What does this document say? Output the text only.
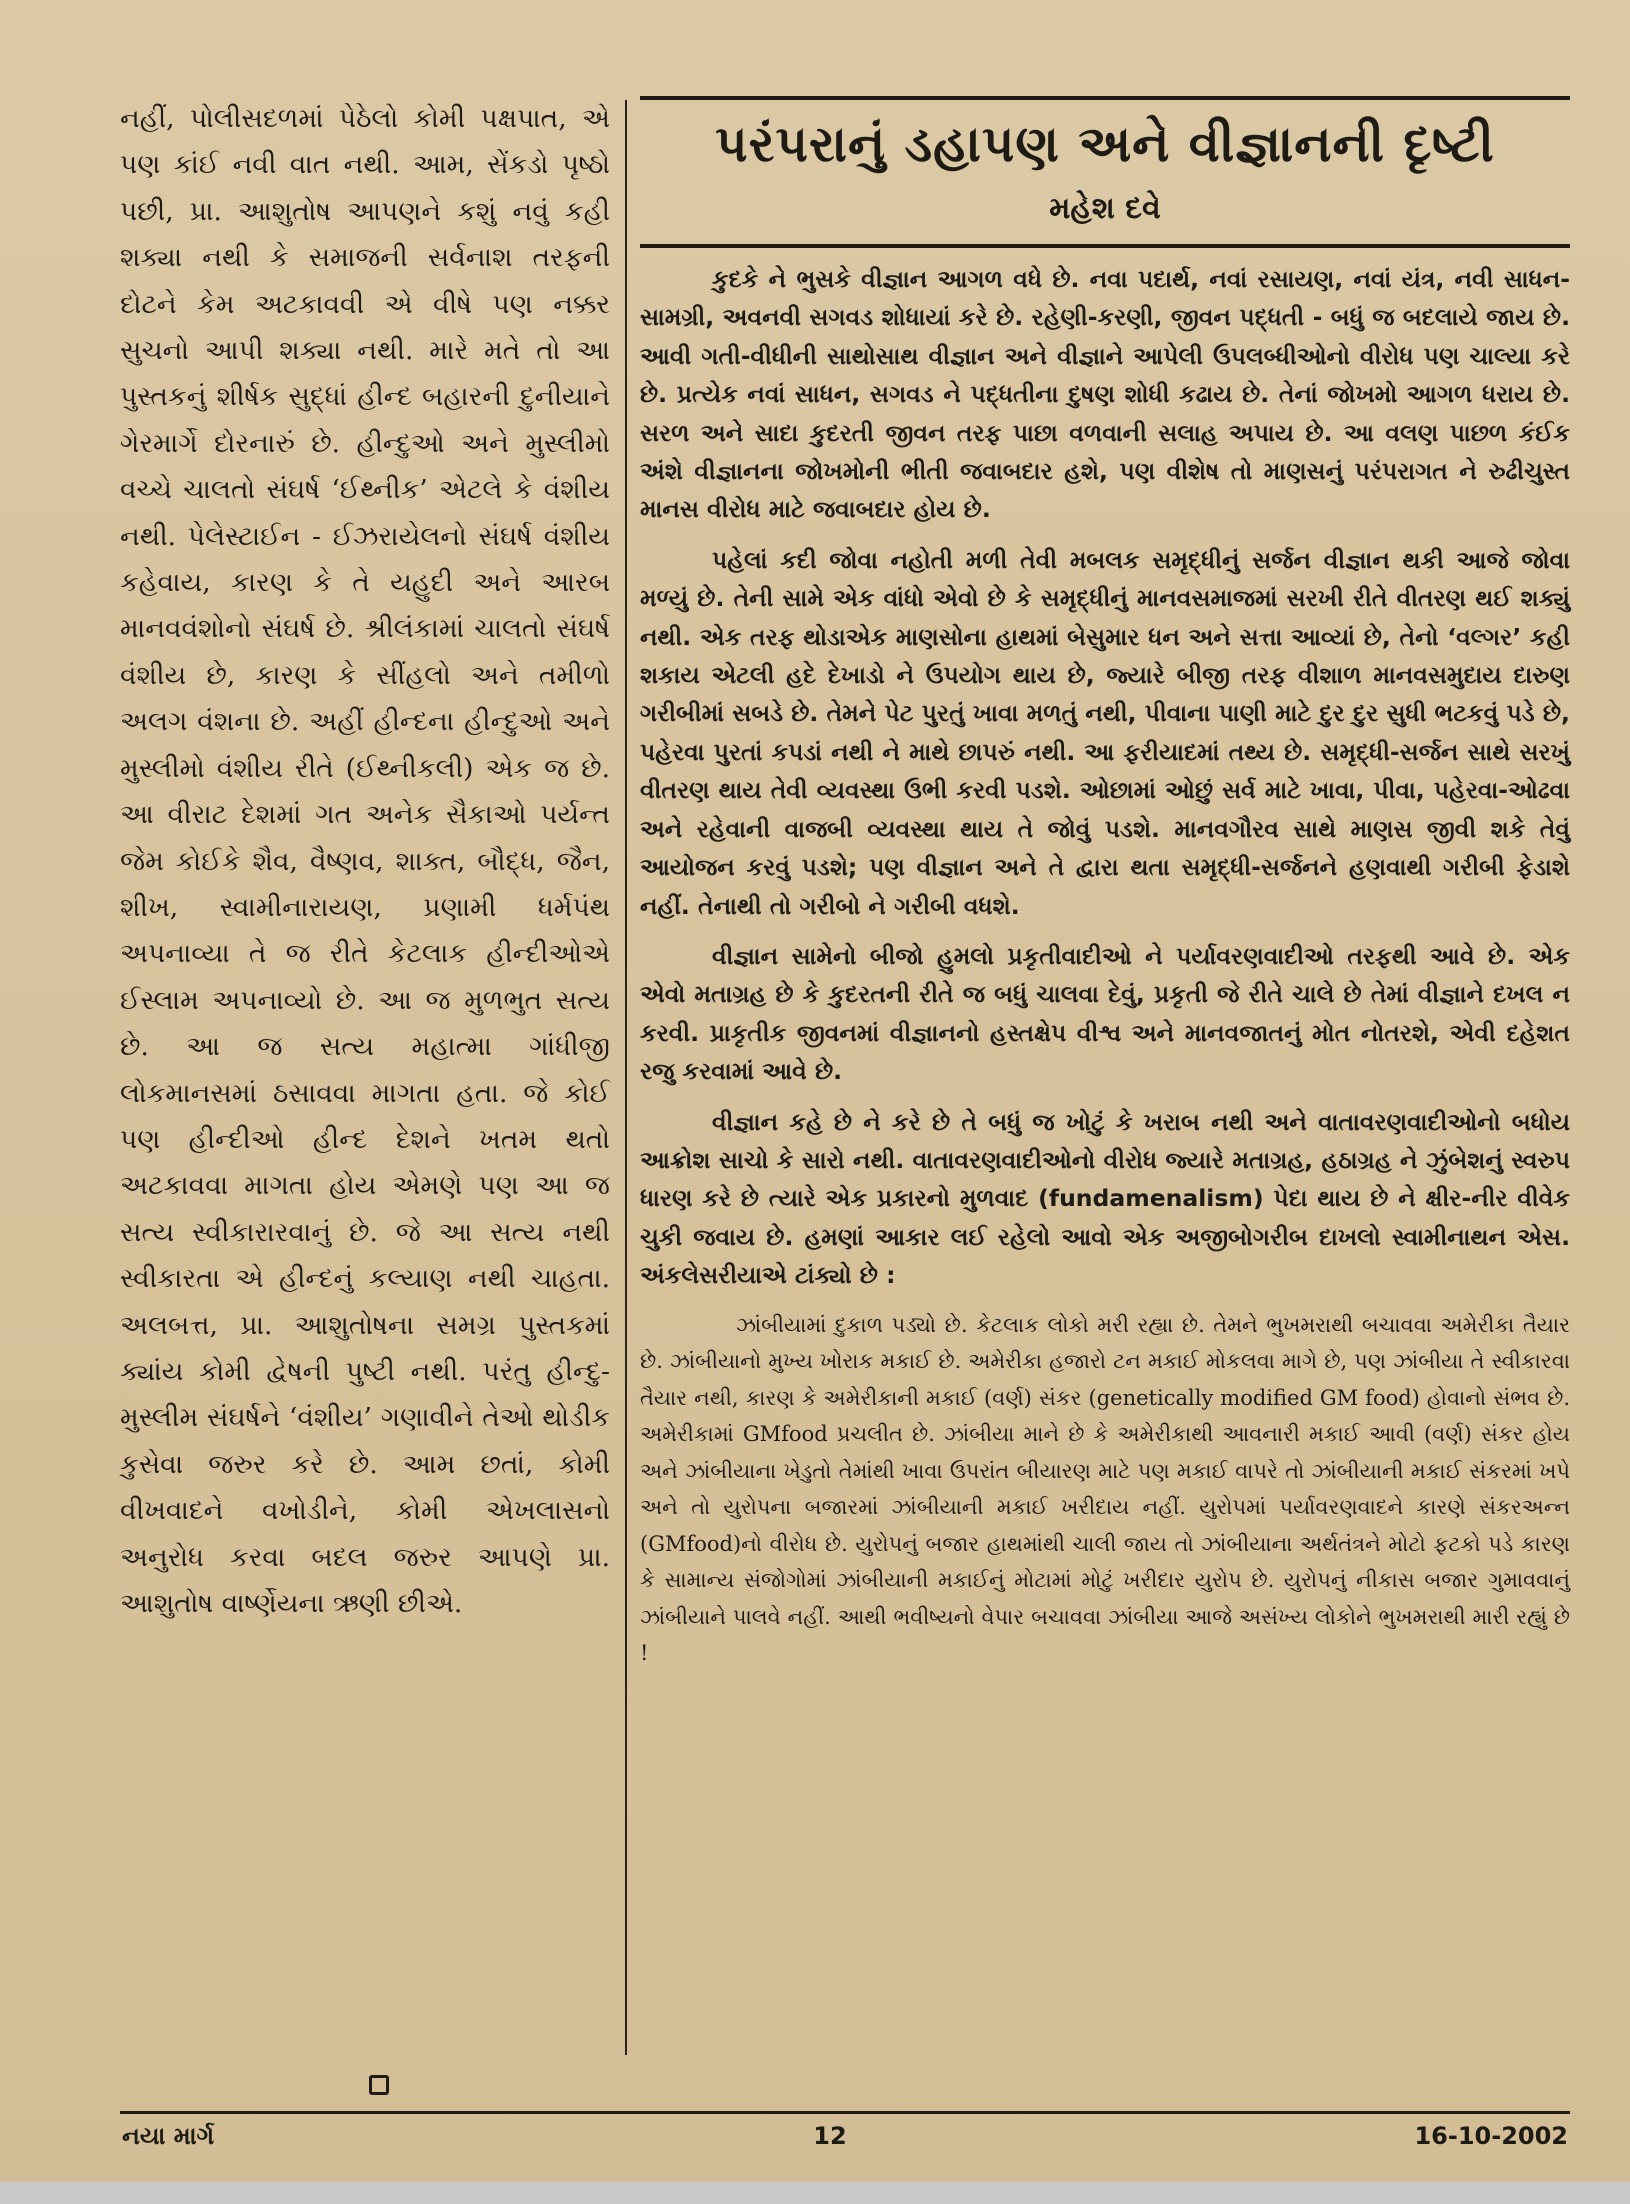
નહીં, પોલીસદળમાં પેઠેલો કોમી પક્ષપાત, એ પણ કાંઈ નવી વાત નથી. આમ, સેંકડો પૃષ્ઠો પછી, પ્રા. આશુતોષ આપણને કશું નવું કહી શક્યા નથી કે સમાજની સર્વનાશ તરફની દોટને કેમ અટકાવવી એ વીષે પણ નક્કર સુચનો આપી શક્યા નથી. મારે મતે તો આ પુસ્તકનું શીર્ષક સુદ્ધાં હીન્દ બહારની દુનીયાને ગેરમાર્ગે દોરનારું છે. હીન્દુઓ અને મુસ્લીમો વચ્ચે ચાલતો સંઘર્ષ ‘ઈથ્નીક’ એટલે કે વંશીય નથી. પેલેસ્ટાઈન - ઈઝરાયેલનો સંઘર્ષ વંશીય કહેવાય, કારણ કે તે યહુદી અને આરબ માનવવંશોનો સંઘર્ષ છે. શ્રીલંકામાં ચાલતો સંઘર્ષ વંશીય છે, કારણ કે સીંહલો અને તમીળો અલગ વંશના છે. અહીં હીન્દના હીન્દુઓ અને મુસ્લીમો વંશીય રીતે (ઈથ્નીકલી) એક જ છે. આ વીરાટ દેશમાં ગત અનેક સૈકાઓ પર્યન્ત જેમ કોઈકે શૈવ, વૈષ્ણવ, શાક્ત, બૌદ્ધ, જૈન, શીખ, સ્વામીનારાયણ, પ્રણામી ધર્મપંથ અપનાવ્યા તે જ રીતે કેટલાક હીન્દીઓએ ઈસ્લામ અપનાવ્યો છે. આ જ મુળભુત સત્ય છે. આ જ સત્ય મહાત્મા ગાંધીજી લોકમાનસમાં ઠસાવવા માગતા હતા. જે કોઈ પણ હીન્દીઓ હીન્દ દેશને ખતમ થતો અટકાવવા માગતા હોય એમણે પણ આ જ સત્ય સ્વીકારારવાનું છે. જે આ સત્ય નથી સ્વીકારતા એ હીન્દનું કલ્યાણ નથી ચાહતા. અલબત્ત, પ્રા. આશુતોષના સમગ્ર પુસ્તકમાં ક્યાંય કોમી દ્વેષની પુષ્ટી નથી. પરંતુ હીન્દુ-મુસ્લીમ સંઘર્ષને ‘વંશીય’ ગણાવીને તેઓ થોડીક કુસેવા જરુર કરે છે. આમ છતાં, કોમી વીખવાદને વખોડીને, કોમી એખલાસનો અનુરોધ કરવા બદલ જરુર આપણે પ્રા. આશુતોષ વાર્ષ્ણેયના ઋણી છીએ.

પરંપરાનું ડહાપણ અને વીજ્ઞાનની દૃષ્ટી
મહેશ દવે

કુદકે ને ભુસકે વીજ્ઞાન આગળ વધે છે. નવા પદાર્થ, નવાં રસાયણ, નવાં યંત્ર, નવી સાધન-સામગ્રી, અવનવી સગવડ શોધાયાં કરે છે. રહેણી-કરણી, જીવન પદ્ધતી - બધું જ બદલાયે જાય છે. આવી ગતી-વીધીની સાથોસાથ વીજ્ઞાન અને વીજ્ઞાને આપેલી ઉપલબ્ધીઓનો વીરોધ પણ ચાલ્યા કરે છે. પ્રત્યેક નવાં સાધન, સગવડ ને પદ્ધતીના દુષણ શોધી કઢાય છે. તેનાં જોખમો આગળ ધરાય છે. સરળ અને સાદા કુદરતી જીવન તરફ પાછા વળવાની સલાહ અપાય છે. આ વલણ પાછળ કંઈક અંશે વીજ્ઞાનના જોખમોની ભીતી જવાબદાર હશે, પણ વીશેષ તો માણસનું પરંપરાગત ને રુઢીચુસ્ત માનસ વીરોધ માટે જવાબદાર હોય છે.

પહેલાં કદી જોવા નહોતી મળી તેવી મબલક સમૃદ્ધીનું સર્જન વીજ્ઞાન થકી આજે જોવા મળ્યું છે. તેની સામે એક વાંધો એવો છે કે સમૃદ્ધીનું માનવસમાજમાં સરખી રીતે વીતરણ થઈ શક્યું નથી. એક તરફ થોડાએક માણસોના હાથમાં બેસુમાર ધન અને સત્તા આવ્યાં છે, તેનો ‘વલ્ગર’ કહી શકાય એટલી હદે દેખાડો ને ઉપયોગ થાય છે, જ્યારે બીજી તરફ વીશાળ માનવસમુદાય દારુણ ગરીબીમાં સબડે છે. તેમને પેટ પુરતું ખાવા મળતું નથી, પીવાના પાણી માટે દુર દુર સુધી ભટકવું પડે છે, પહેરવા પુરતાં કપડાં નથી ને માથે છાપરું નથી. આ ફરીયાદમાં તથ્ય છે. સમૃદ્ધી-સર્જન સાથે સરખું વીતરણ થાય તેવી વ્યવસ્થા ઉભી કરવી પડશે. ઓછામાં ઓછું સર્વ માટે ખાવા, પીવા, પહેરવા-ઓઢવા અને રહેવાની વાજબી વ્યવસ્થા થાય તે જોવું પડશે. માનવગૌરવ સાથે માણસ જીવી શકે તેવું આયોજન કરવું પડશે; પણ વીજ્ઞાન અને તે દ્વારા થતા સમૃદ્ધી-સર્જનને હણવાથી ગરીબી ફેડાશે નહીં. તેનાથી તો ગરીબો ને ગરીબી વધશે.

વીજ્ઞાન સામેનો બીજો હુમલો પ્રકૃતીવાદીઓ ને પર્યાવરણવાદીઓ તરફથી આવે છે. એક એવો મતાગ્રહ છે કે કુદરતની રીતે જ બધું ચાલવા દેવું, પ્રકૃતી જે રીતે ચાલે છે તેમાં વીજ્ઞાને દખલ ન કરવી. પ્રાકૃતીક જીવનમાં વીજ્ઞાનનો હસ્તક્ષેપ વીશ્વ અને માનવજાતનું મોત નોતરશે, એવી દહેશત રજુ કરવામાં આવે છે.

વીજ્ઞાન કહે છે ને કરે છે તે બધું જ ખોટું કે ખરાબ નથી અને વાતાવરણવાદીઓનો બધોય આક્રોશ સાચો કે સારો નથી. વાતાવરણવાદીઓનો વીરોધ જ્યારે મતાગ્રહ, હઠાગ્રહ ને ઝુંબેશનું સ્વરુપ ધારણ કરે છે ત્યારે એક પ્રકારનો મુળવાદ (fundamenalism) પેદા થાય છે ને ક્ષીર-નીર વીવેક ચુકી જવાય છે. હમણાં આકાર લઈ રહેલો આવો એક અજીબોગરીબ દાખલો સ્વામીનાથન એસ. અંકલેસરીયાએ ટાંક્યો છે :

ઝાંબીયામાં દુકાળ પડ્યો છે. કેટલાક લોકો મરી રહ્યા છે. તેમને ભુખમરાથી બચાવવા અમેરીકા તૈયાર છે. ઝાંબીયાનો મુખ્ય ખોરાક મકાઈ છે. અમેરીકા હજારો ટન મકાઈ મોકલવા માગે છે, પણ ઝાંબીયા તે સ્વીકારવા તૈયાર નથી, કારણ કે અમેરીકાની મકાઈ (વર્ણ) સંકર (genetically modified GM food) હોવાનો સંભવ છે. અમેરીકામાં GMfood પ્રચલીત છે. ઝાંબીયા માને છે કે અમેરીકાથી આવનારી મકાઈ આવી (વર્ણ) સંકર હોય અને ઝાંબીયાના ખેડુતો તેમાંથી ખાવા ઉપરાંત બીયારણ માટે પણ મકાઈ વાપરે તો ઝાંબીયાની મકાઈ સંકરમાં ખપે અને તો યુરોપના બજારમાં ઝાંબીયાની મકાઈ ખરીદાય નહીં. યુરોપમાં પર્યાવરણવાદને કારણે સંકરઅન્ન (GMfood)નો વીરોધ છે. યુરોપનું બજાર હાથમાંથી ચાલી જાય તો ઝાંબીયાના અર્થતંત્રને મોટો ફટકો પડે કારણ કે સામાન્ય સંજોગોમાં ઝાંબીયાની મકાઈનું મોટામાં મોટું ખરીદાર યુરોપ છે. યુરોપનું નીકાસ બજાર ગુમાવવાનું ઝાંબીયાને પાલવે નહીં. આથી ભવીષ્યનો વેપાર બચાવવા ઝાંબીયા આજે અસંખ્ય લોકોને ભુખમરાથી મારી રહ્યું છે !

નયા માર્ગ	12	16-10-2002
